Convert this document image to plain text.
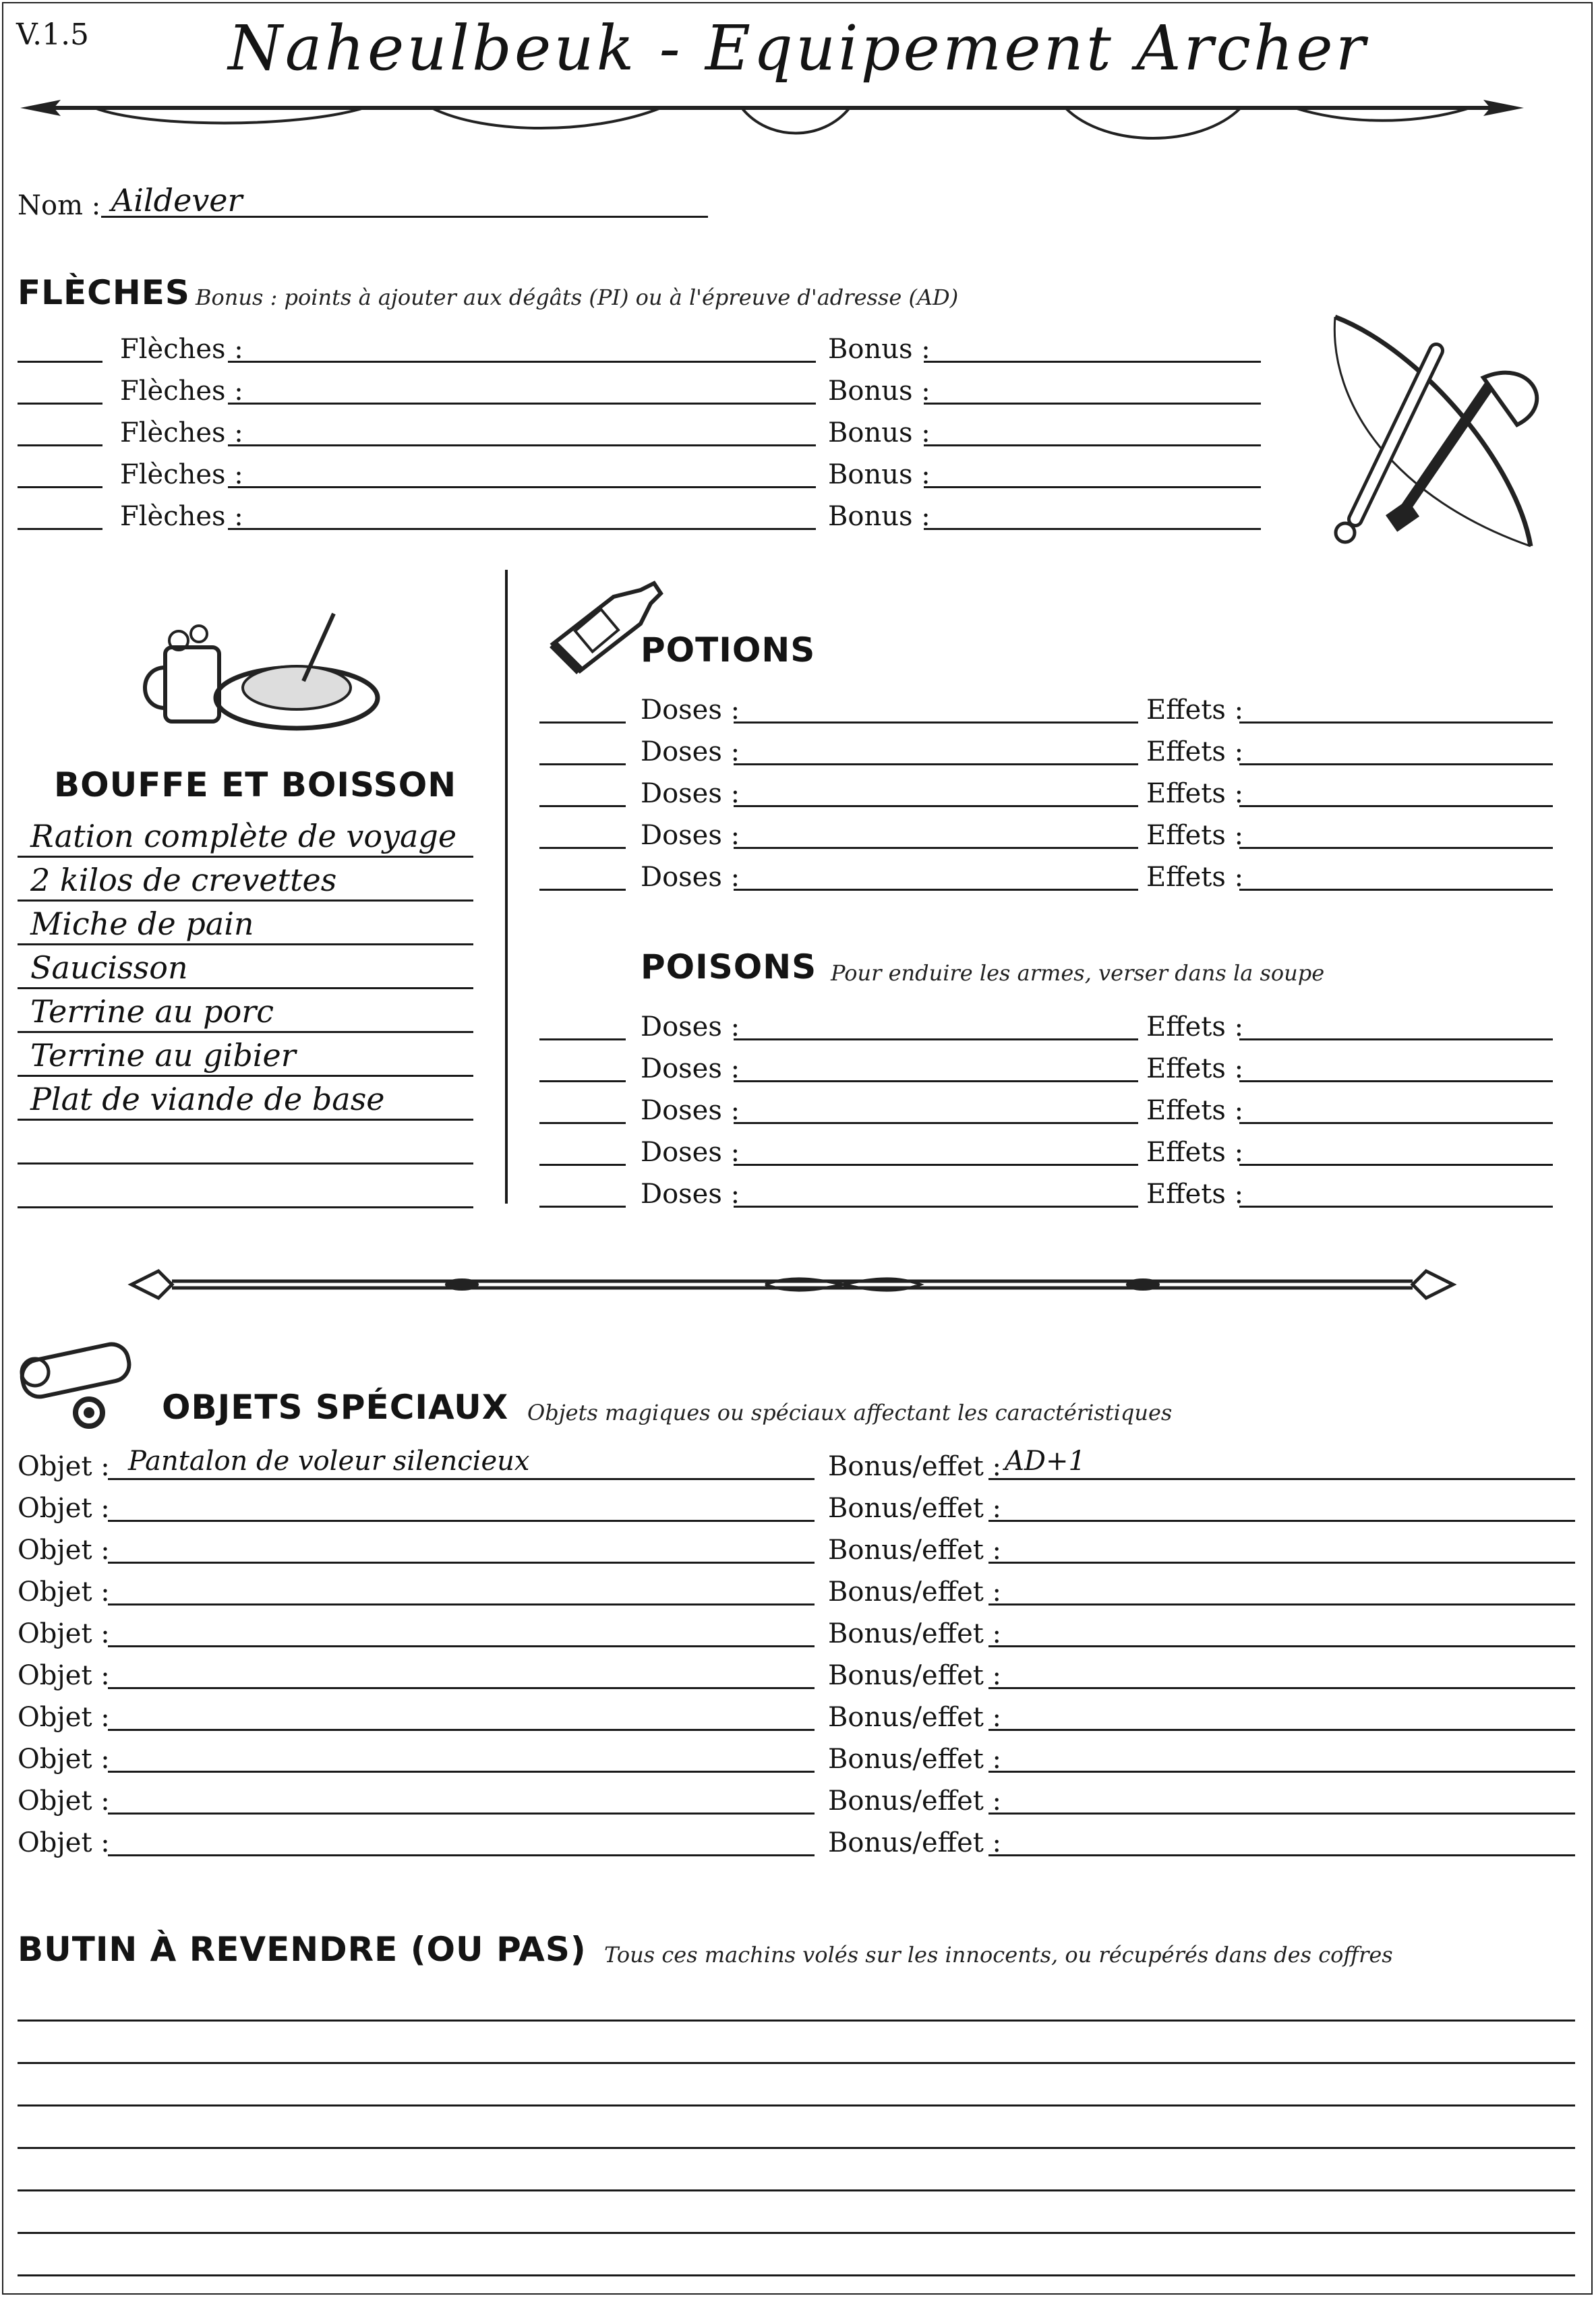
V.1.5	Naheulbeuk - Equipement Archer
Nom : Aildever
FLÈCHES Bonus : points à ajouter aux dégâts (PI) ou à l'épreuve d'adresse (AD)
Flèches :	Bonus :
Flèches :	Bonus :
Flèches :	Bonus :
Flèches :	Bonus :
Flèches :	Bonus :
BOUFFE ET BOISSON
Ration complète de voyage
2 kilos de crevettes
Miche de pain
Saucisson
Terrine au porc
Terrine au gibier
Plat de viande de base
POTIONS
Doses :	Effets :
Doses :	Effets :
Doses :	Effets :
Doses :	Effets :
Doses :	Effets :
POISONS Pour enduire les armes, verser dans la soupe
Doses :	Effets :
Doses :	Effets :
Doses :	Effets :
Doses :	Effets :
Doses :	Effets :
OBJETS SPÉCIAUX Objets magiques ou spéciaux affectant les caractéristiques
Objet : Pantalon de voleur silencieux	Bonus/effet : AD+1
Objet :	Bonus/effet :
Objet :	Bonus/effet :
Objet :	Bonus/effet :
Objet :	Bonus/effet :
Objet :	Bonus/effet :
Objet :	Bonus/effet :
Objet :	Bonus/effet :
Objet :	Bonus/effet :
Objet :	Bonus/effet :
BUTIN À REVENDRE (OU PAS) Tous ces machins volés sur les innocents, ou récupérés dans des coffres
